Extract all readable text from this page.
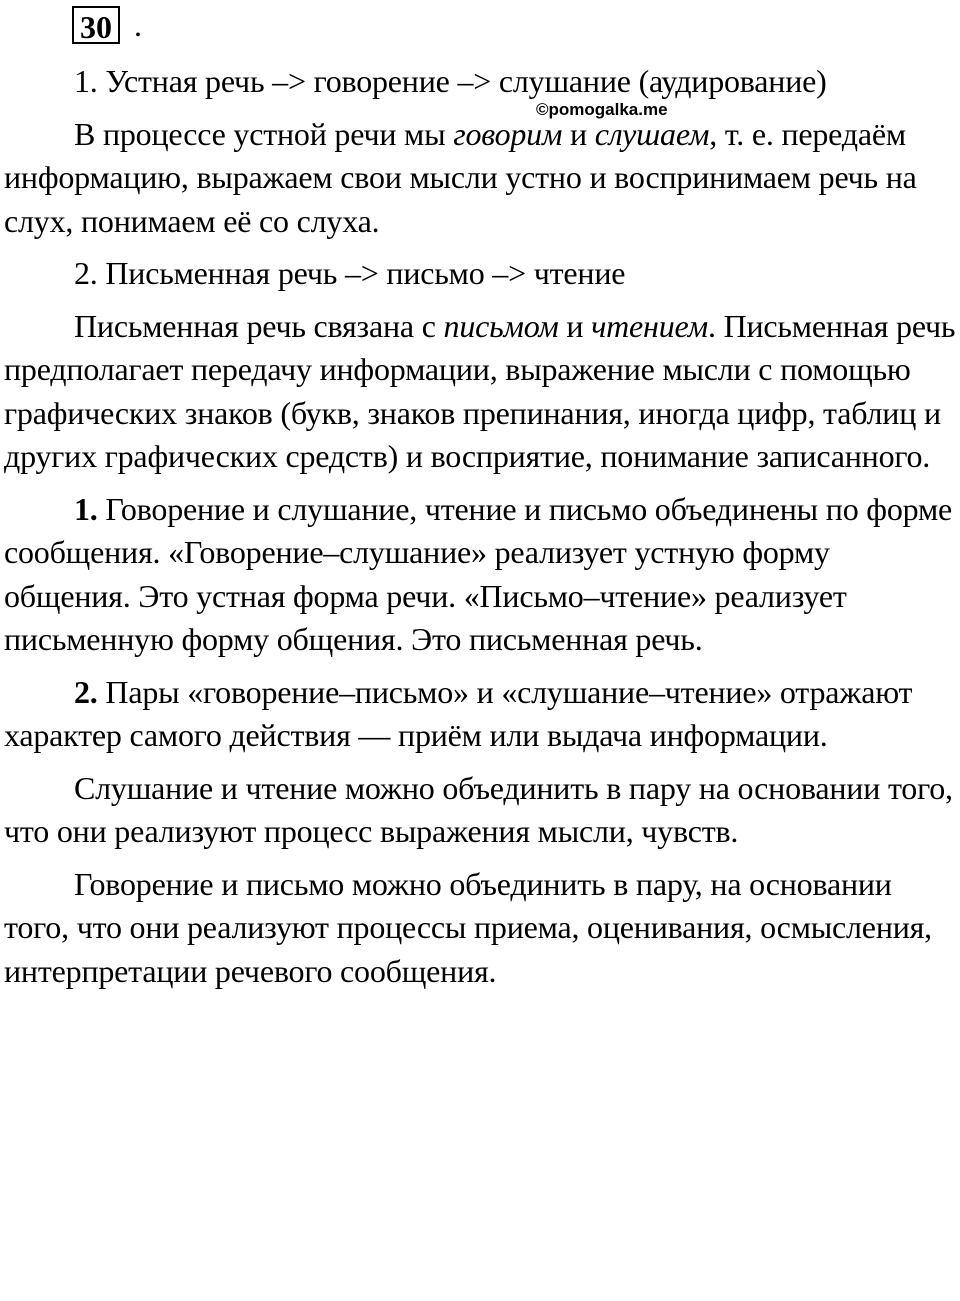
30 .
©pomogalka.me

1. Устная речь –> говорение –> слушание (аудирование)

В процессе устной речи мы говорим и слушаем, т. е. передаём информацию, выражаем свои мысли устно и воспринимаем речь на слух, понимаем её со слуха.

2. Письменная речь –> письмо –> чтение

Письменная речь связана с письмом и чтением. Письменная речь предполагает передачу информации, выражение мысли с помощью графических знаков (букв, знаков препинания, иногда цифр, таблиц и других графических средств) и восприятие, понимание записанного.

1. Говорение и слушание, чтение и письмо объединены по форме сообщения. «Говорение–слушание» реализует устную форму общения. Это устная форма речи. «Письмо–чтение» реализует письменную форму общения. Это письменная речь.

2. Пары «говорение–письмо» и «слушание–чтение» отражают характер самого действия — приём или выдача информации.

Слушание и чтение можно объединить в пару на основании того, что они реализуют процесс выражения мысли, чувств.

Говорение и письмо можно объединить в пару, на основании того, что они реализуют процессы приема, оценивания, осмысления, интерпретации речевого сообщения.
